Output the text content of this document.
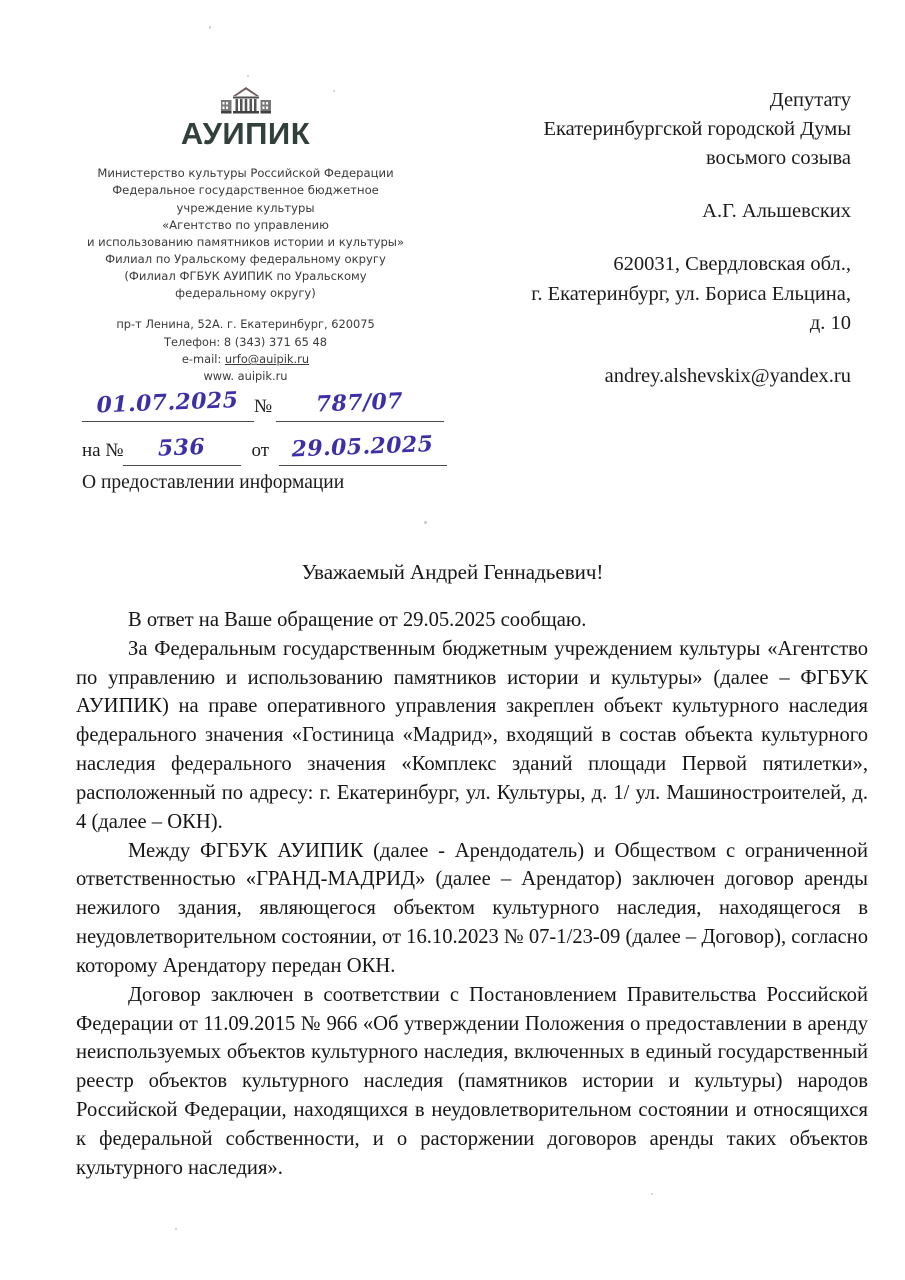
АУИПИК
Министерство культуры Российской Федерации
Федеральное государственное бюджетное
учреждение культуры
«Агентство по управлению
и использованию памятников истории и культуры»
Филиал по Уральскому федеральному округу
(Филиал ФГБУК АУИПИК по Уральскому
федеральному округу)
пр-т Ленина, 52А. г. Екатеринбург, 620075
Телефон: 8 (343) 371 65 48
e-mail: urfo@auipik.ru
www. auipik.ru
Депутату
Екатеринбургской городской Думы
восьмого созыва
А.Г. Альшевских
620031, Свердловская обл.,
г. Екатеринбург, ул. Бориса Ельцина,
д. 10
andrey.alshevskix@yandex.ru
01.07.2025 №	787/07
на №	536	от	29.05.2025
О предоставлении информации
Уважаемый Андрей Геннадьевич!

В ответ на Ваше обращение от 29.05.2025 сообщаю.

За Федеральным государственным бюджетным учреждением культуры «Агентство по управлению и использованию памятников истории и культуры» (далее – ФГБУК АУИПИК) на праве оперативного управления закреплен объект культурного наследия федерального значения «Гостиница «Мадрид», входящий в состав объекта культурного наследия федерального значения «Комплекс зданий площади Первой пятилетки», расположенный по адресу: г. Екатеринбург, ул. Культуры, д. 1/ ул. Машиностроителей, д. 4 (далее – ОКН).

Между ФГБУК АУИПИК (далее - Арендодатель) и Обществом с ограниченной ответственностью «ГРАНД-МАДРИД» (далее – Арендатор) заключен договор аренды нежилого здания, являющегося объектом культурного наследия, находящегося в неудовлетворительном состоянии, от 16.10.2023 № 07-1/23-09 (далее – Договор), согласно которому Арендатору передан ОКН.

Договор заключен в соответствии с Постановлением Правительства Российской Федерации от 11.09.2015 № 966 «Об утверждении Положения о предоставлении в аренду неиспользуемых объектов культурного наследия, включенных в единый государственный реестр объектов культурного наследия (памятников истории и культуры) народов Российской Федерации, находящихся в неудовлетворительном состоянии и относящихся к федеральной собственности, и о расторжении договоров аренды таких объектов культурного наследия».
